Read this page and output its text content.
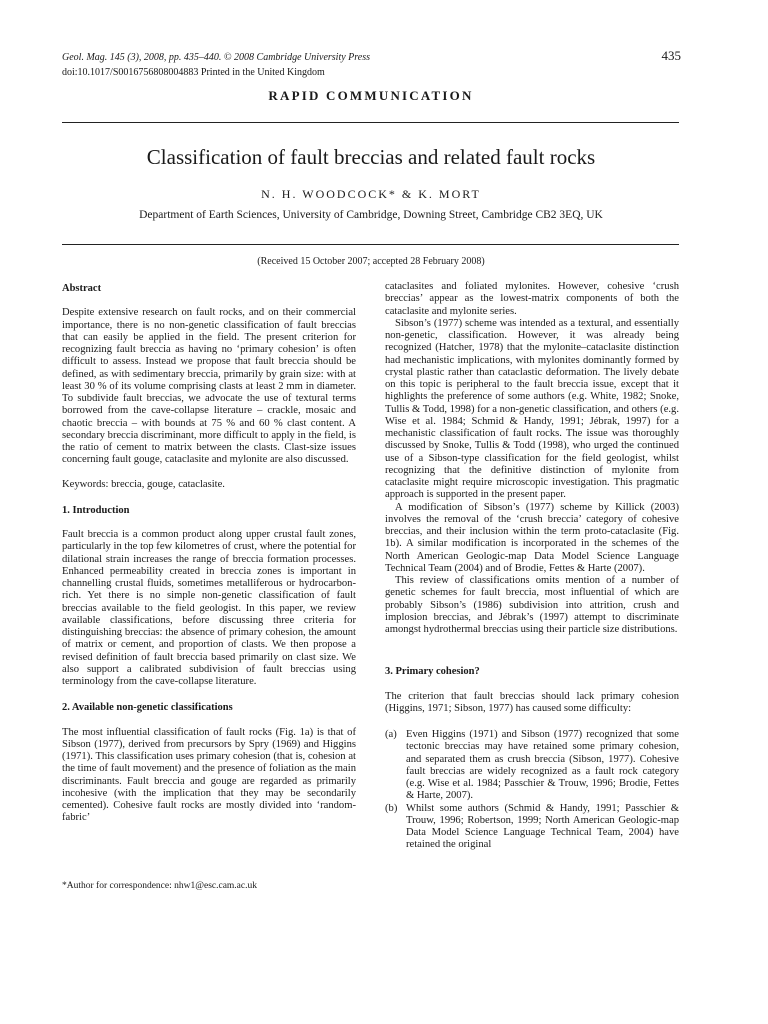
Geol. Mag. 145 (3), 2008, pp. 435–440. © 2008 Cambridge University Press
doi:10.1017/S0016756808004883 Printed in the United Kingdom
435
RAPID COMMUNICATION
Classification of fault breccias and related fault rocks
N. H. WOODCOCK* & K. MORT
Department of Earth Sciences, University of Cambridge, Downing Street, Cambridge CB2 3EQ, UK
(Received 15 October 2007; accepted 28 February 2008)

Abstract

Despite extensive research on fault rocks, and on their commercial importance, there is no non-genetic classification of fault breccias that can easily be applied in the field. The present criterion for recognizing fault breccia as having no ‘primary cohesion’ is often difficult to assess. Instead we propose that fault breccia should be defined, as with sedimentary breccia, primarily by grain size: with at least 30 % of its volume comprising clasts at least 2 mm in diameter. To subdivide fault breccias, we advocate the use of textural terms borrowed from the cave-collapse literature – crackle, mosaic and chaotic breccia – with bounds at 75 % and 60 % clast content. A secondary breccia discriminant, more difficult to apply in the field, is the ratio of cement to matrix between the clasts. Clast-size issues concerning fault gouge, cataclasite and mylonite are also discussed.

Keywords: breccia, gouge, cataclasite.

1. Introduction

Fault breccia is a common product along upper crustal fault zones, particularly in the top few kilometres of crust, where the potential for dilational strain increases the range of breccia formation processes. Enhanced permeability created in breccia zones is important in channelling crustal fluids, sometimes metalliferous or hydrocarbon-rich. Yet there is no simple non-genetic classification of fault breccias available to the field geologist. In this paper, we review available classifications, before discussing three criteria for distinguishing breccias: the absence of primary cohesion, the amount of matrix or cement, and proportion of clasts. We then propose a revised definition of fault breccia based primarily on clast size. We also support a calibrated subdivision of fault breccias using terminology from the cave-collapse literature.

2. Available non-genetic classifications

The most influential classification of fault rocks (Fig. 1a) is that of Sibson (1977), derived from precursors by Spry (1969) and Higgins (1971). This classification uses primary cohesion (that is, cohesion at the time of fault movement) and the presence of foliation as the main discriminants. Fault breccia and gouge are regarded as primarily incohesive (with the implication that they may be secondarily cemented). Cohesive fault rocks are mostly divided into ‘random-fabric’

cataclasites and foliated mylonites. However, cohesive ‘crush breccias’ appear as the lowest-matrix components of both the cataclasite and mylonite series.

Sibson’s (1977) scheme was intended as a textural, and essentially non-genetic, classification. However, it was already being recognized (Hatcher, 1978) that the mylonite–cataclasite distinction had mechanistic implications, with mylonites dominantly formed by crystal plastic rather than cataclastic deformation. The lively debate on this topic is peripheral to the fault breccia issue, except that it highlights the preference of some authors (e.g. White, 1982; Snoke, Tullis & Todd, 1998) for a non-genetic classification, and others (e.g. Wise et al. 1984; Schmid & Handy, 1991; Jébrak, 1997) for a mechanistic classification of fault rocks. The issue was thoroughly discussed by Snoke, Tullis & Todd (1998), who urged the continued use of a Sibson-type classification for the field geologist, whilst recognizing that the definitive distinction of mylonite from cataclasite might require microscopic investigation. This pragmatic approach is supported in the present paper.

A modification of Sibson’s (1977) scheme by Killick (2003) involves the removal of the ‘crush breccia’ category of cohesive breccias, and their inclusion within the term proto-cataclasite (Fig. 1b). A similar modification is incorporated in the schemes of the North American Geologic-map Data Model Science Language Technical Team (2004) and of Brodie, Fettes & Harte (2007).

This review of classifications omits mention of a number of genetic schemes for fault breccia, most influential of which are probably Sibson’s (1986) subdivision into attrition, crush and implosion breccias, and Jébrak’s (1997) attempt to discriminate amongst hydrothermal breccias using their particle size distributions.

3. Primary cohesion?

The criterion that fault breccias should lack primary cohesion (Higgins, 1971; Sibson, 1977) has caused some difficulty:

(a) Even Higgins (1971) and Sibson (1977) recognized that some tectonic breccias may have retained some primary cohesion, and separated them as crush breccia (Sibson, 1977). Cohesive fault breccias are widely recognized as a fault rock category (e.g. Wise et al. 1984; Passchier & Trouw, 1996; Brodie, Fettes & Harte, 2007).
(b) Whilst some authors (Schmid & Handy, 1991; Passchier & Trouw, 1996; Robertson, 1999; North American Geologic-map Data Model Science Language Technical Team, 2004) have retained the original
*Author for correspondence: nhw1@esc.cam.ac.uk
